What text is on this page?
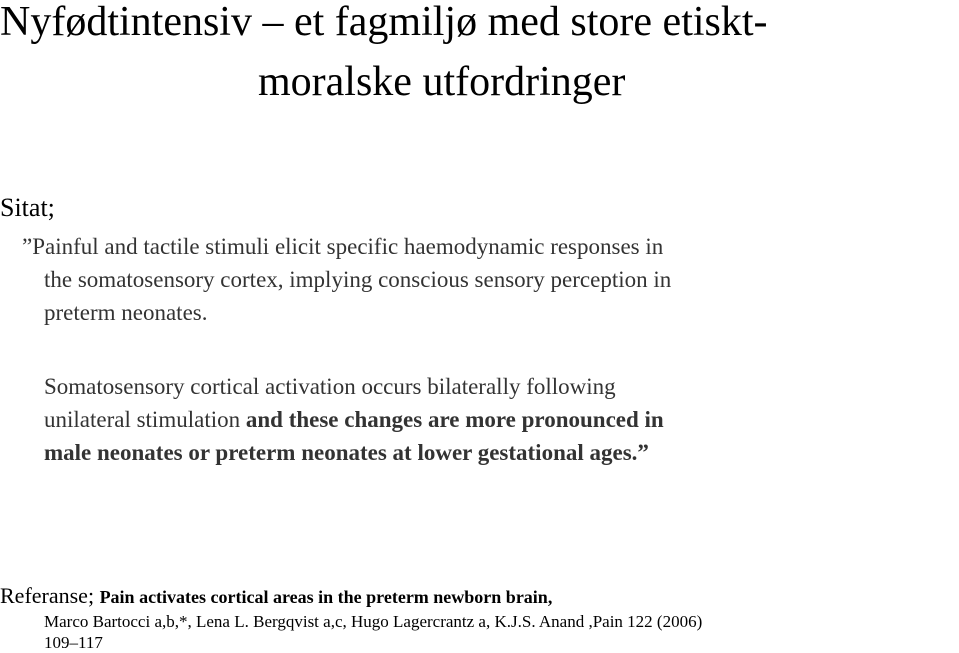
Nyfødtintensiv – et fagmiljø med store etiskt-
moralske utfordringer
Sitat;
”Painful and tactile stimuli elicit specific haemodynamic responses in
the somatosensory cortex, implying conscious sensory perception in
preterm neonates.
Somatosensory cortical activation occurs bilaterally following
unilateral stimulation and these changes are more pronounced in
male neonates or preterm neonates at lower gestational ages.”
Referanse; Pain activates cortical areas in the preterm newborn brain,
Marco Bartocci a,b,*, Lena L. Bergqvist a,c, Hugo Lagercrantz a, K.J.S. Anand ,Pain 122 (2006)
109–117
